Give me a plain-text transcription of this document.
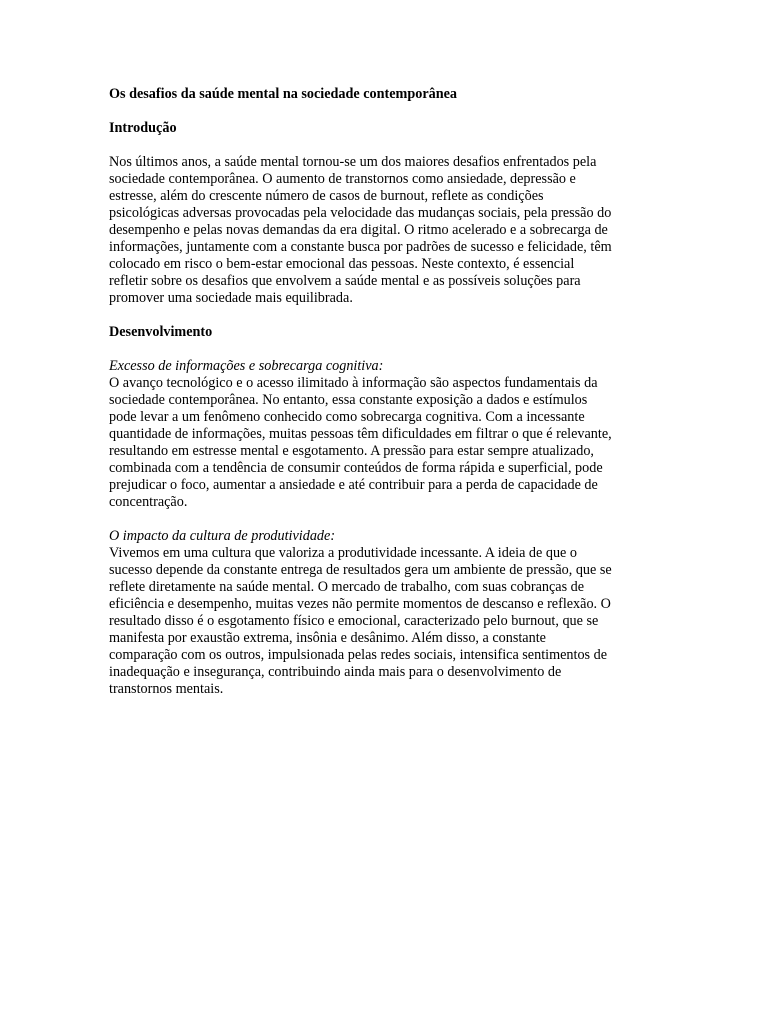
Os desafios da saúde mental na sociedade contemporânea

Introdução

Nos últimos anos, a saúde mental tornou-se um dos maiores desafios enfrentados pela
sociedade contemporânea. O aumento de transtornos como ansiedade, depressão e
estresse, além do crescente número de casos de burnout, reflete as condições
psicológicas adversas provocadas pela velocidade das mudanças sociais, pela pressão do
desempenho e pelas novas demandas da era digital. O ritmo acelerado e a sobrecarga de
informações, juntamente com a constante busca por padrões de sucesso e felicidade, têm
colocado em risco o bem-estar emocional das pessoas. Neste contexto, é essencial
refletir sobre os desafios que envolvem a saúde mental e as possíveis soluções para
promover uma sociedade mais equilibrada.

Desenvolvimento

Excesso de informações e sobrecarga cognitiva:

O avanço tecnológico e o acesso ilimitado à informação são aspectos fundamentais da
sociedade contemporânea. No entanto, essa constante exposição a dados e estímulos
pode levar a um fenômeno conhecido como sobrecarga cognitiva. Com a incessante
quantidade de informações, muitas pessoas têm dificuldades em filtrar o que é relevante,
resultando em estresse mental e esgotamento. A pressão para estar sempre atualizado,
combinada com a tendência de consumir conteúdos de forma rápida e superficial, pode
prejudicar o foco, aumentar a ansiedade e até contribuir para a perda de capacidade de
concentração.

O impacto da cultura de produtividade:

Vivemos em uma cultura que valoriza a produtividade incessante. A ideia de que o
sucesso depende da constante entrega de resultados gera um ambiente de pressão, que se
reflete diretamente na saúde mental. O mercado de trabalho, com suas cobranças de
eficiência e desempenho, muitas vezes não permite momentos de descanso e reflexão. O
resultado disso é o esgotamento físico e emocional, caracterizado pelo burnout, que se
manifesta por exaustão extrema, insônia e desânimo. Além disso, a constante
comparação com os outros, impulsionada pelas redes sociais, intensifica sentimentos de
inadequação e insegurança, contribuindo ainda mais para o desenvolvimento de
transtornos mentais.
